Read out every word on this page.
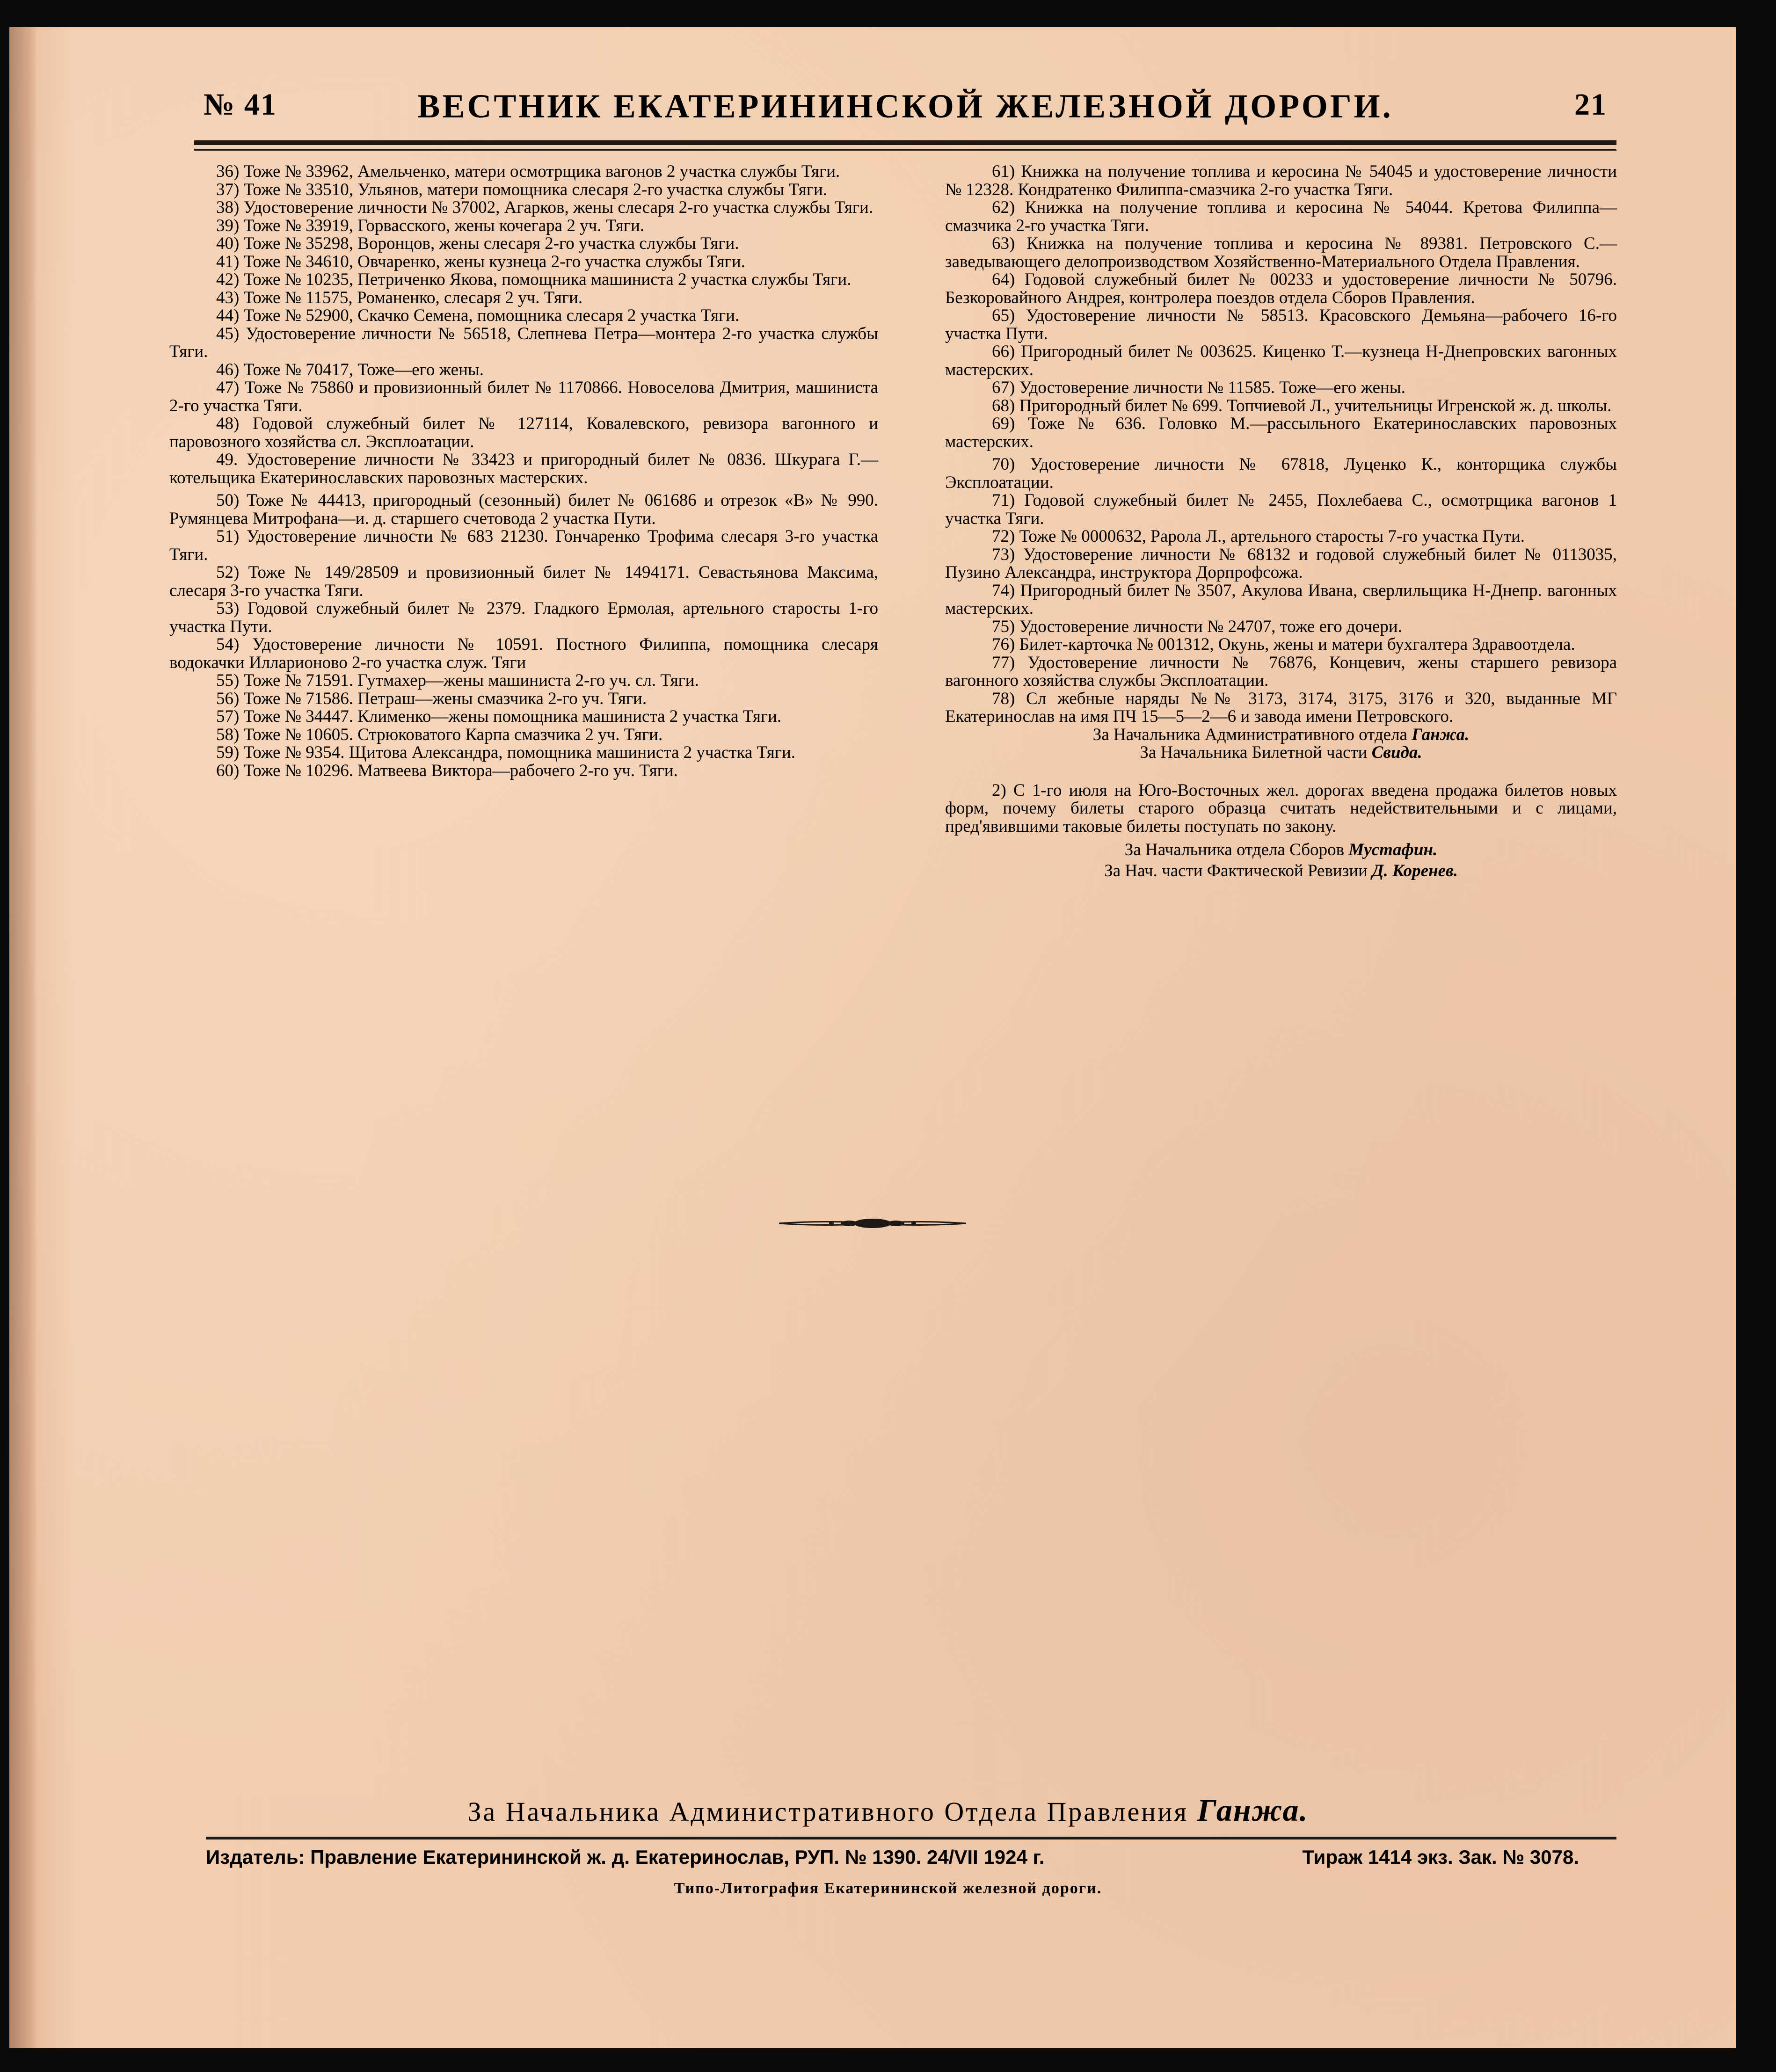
ВЕСТНИК ЕКАТЕРИНИНСКОЙ ЖЕЛЕЗНОЙ ДОРОГИ.
№ 41	21

36) Тоже № 33962, Амельченко, матери осмотрщика вагонов 2 участка службы Тяги.

37) Тоже № 33510, Ульянов, матери помощника слесаря 2-го участка службы Тяги.

38) Удостоверение личности № 37002, Агарков, жены слесаря 2-го участка службы Тяги.

39) Тоже № 33919, Горвасского, жены кочегара 2 уч. Тяги.

40) Тоже № 35298, Воронцов, жены слесаря 2-го участка службы Тяги.

41) Тоже № 34610, Овчаренко, жены кузнеца 2-го участка службы Тяги.

42) Тоже № 10235, Петриченко Якова, помощника машиниста 2 участка службы Тяги.

43) Тоже № 11575, Романенко, слесаря 2 уч. Тяги.

44) Тоже № 52900, Скачко Семена, помощника слесаря 2 участка Тяги.

45) Удостоверение личности № 56518, Слепнева Петра—монтера 2-го участка службы Тяги.

46) Тоже № 70417, Тоже—его жены.

47) Тоже № 75860 и провизионный билет № 1170866. Новоселова Дмитрия, машиниста 2-го участка Тяги.

48) Годовой служебный билет № 127114, Ковалевского, ревизора вагонного и паровозного хозяйства сл. Эксплоатации.

49. Удостоверение личности № 33423 и пригородный билет № 0836. Шкурага Г.—котельщика Екатеринославских паровозных мастерских.

50) Тоже № 44413, пригородный (сезонный) билет № 061686 и отрезок «В» № 990. Румянцева Митрофана—и. д. старшего счетовода 2 участка Пути.

51) Удостоверение личности № 683 21230. Гончаренко Трофима слесаря 3-го участка Тяги.

52) Тоже № 149/28509 и провизионный билет № 1494171. Севастьянова Максима, слесаря 3-го участка Тяги.

53) Годовой служебный билет № 2379. Гладкого Ермолая, артельного старосты 1-го участка Пути.

54) Удостоверение личности № 10591. Постного Филиппа, помощника слесаря водокачки Илларионово 2-го участка служ. Тяги

55) Тоже № 71591. Гутмахер—жены машиниста 2-го уч. сл. Тяги.

56) Тоже № 71586. Петраш—жены смазчика 2-го уч. Тяги.

57) Тоже № 34447. Клименко—жены помощника машиниста 2 участка Тяги.

58) Тоже № 10605. Стрюковатого Карпа смазчика 2 уч. Тяги.

59) Тоже № 9354. Щитова Александра, помощника машиниста 2 участка Тяги.

60) Тоже № 10296. Матвеева Виктора—рабочего 2-го уч. Тяги.

61) Книжка на получение топлива и керосина № 54045 и удостоверение личности № 12328. Кондратенко Филиппа-смазчика 2-го участка Тяги.

62) Книжка на получение топлива и керосина № 54044. Кретова Филиппа—смазчика 2-го участка Тяги.

63) Книжка на получение топлива и керосина № 89381. Петровского С.—заведывающего делопроизводством Хозяйственно-Материального Отдела Правления.

64) Годовой служебный билет № 00233 и удостоверение личности № 50796. Безкоровайного Андрея, контролера поездов отдела Сборов Правления.

65) Удостоверение личности № 58513. Красовского Демьяна—рабочего 16-го участка Пути.

66) Пригородный билет № 003625. Киценко Т.—кузнеца Н-Днепровских вагонных мастерских.

67) Удостоверение личности № 11585. Тоже—его жены.

68) Пригородный билет № 699. Топчиевой Л., учительницы Игренской ж. д. школы.

69) Тоже № 636. Головко М.—рассыльного Екатеринославских паровозных мастерских.

70) Удостоверение личности № 67818, Луценко К., конторщика службы Эксплоатации.

71) Годовой служебный билет № 2455, Похлебаева С., осмотрщика вагонов 1 участка Тяги.

72) Тоже № 0000632, Рарола Л., артельного старосты 7-го участка Пути.

73) Удостоверение личности № 68132 и годовой служебный билет № 0113035, Пузино Александра, инструктора Дорпрофсожа.

74) Пригородный билет № 3507, Акулова Ивана, сверлильщика Н-Днепр. вагонных мастерских.

75) Удостоверение личности № 24707, тоже его дочери.

76) Билет-карточка № 001312, Окунь, жены и матери бухгалтера Здравоотдела.

77) Удостоверение личности № 76876, Концевич, жены старшего ревизора вагонного хозяйства службы Эксплоатации.

78) Сл жебные наряды №№ 3173, 3174, 3175, 3176 и 320, выданные МГ Екатеринослав на имя ПЧ 15—5—2—6 и завода имени Петровского.

За Начальника Административного отдела Ганжа.

За Начальника Билетной части Свида.

2) С 1-го июля на Юго-Восточных жел. дорогах введена продажа билетов новых форм, почему билеты старого образца считать недействительными и с лицами, пред'явившими таковые билеты поступать по закону.

За Начальника отдела Сборов Мустафин.

За Нач. части Фактической Ревизии Д. Коренев.

За Начальника Административного Отдела Правления Ганжа.
Издатель: Правление Екатерининской ж. д. Екатеринослав, РУП. № 1390. 24/VII 1924 г.	Тираж 1414 экз. Зак. № 3078.
Типо-Литография Екатерининской железной дороги.
